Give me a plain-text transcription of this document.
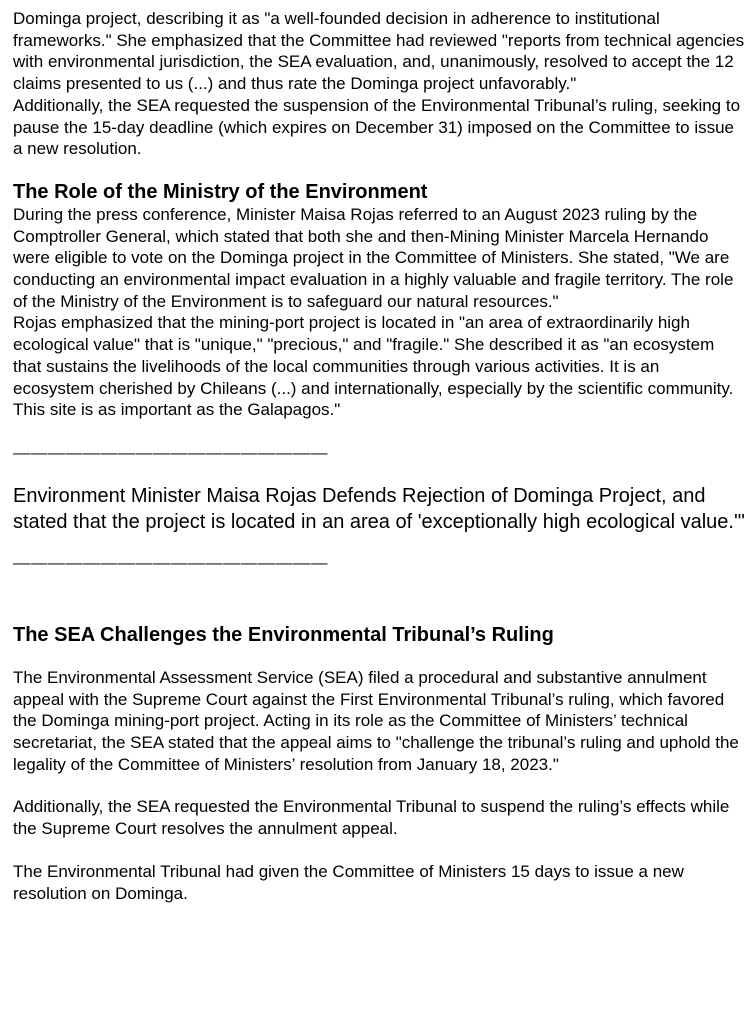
Dominga project, describing it as "a well-founded decision in adherence to institutional frameworks." She emphasized that the Committee had reviewed "reports from technical agencies with environmental jurisdiction, the SEA evaluation, and, unanimously, resolved to accept the 12 claims presented to us (...) and thus rate the Dominga project unfavorably."

Additionally, the SEA requested the suspension of the Environmental Tribunal’s ruling, seeking to pause the 15-day deadline (which expires on December 31) imposed on the Committee to issue a new resolution.

The Role of the Ministry of the Environment

During the press conference, Minister Maisa Rojas referred to an August 2023 ruling by the Comptroller General, which stated that both she and then-Mining Minister Marcela Hernando were eligible to vote on the Dominga project in the Committee of Ministers. She stated, "We are conducting an environmental impact evaluation in a highly valuable and fragile territory. The role of the Ministry of the Environment is to safeguard our natural resources."

Rojas emphasized that the mining-port project is located in "an area of extraordinarily high ecological value" that is "unique," "precious," and "fragile." She described it as "an ecosystem that sustains the livelihoods of the local communities through various activities. It is an ecosystem cherished by Chileans (...) and internationally, especially by the scientific community. This site is as important as the Galapagos."

——————————————————
Environment Minister Maisa Rojas Defends Rejection of Dominga Project, and stated that the project is located in an area of 'exceptionally high ecological value.'"
——————————————————
The SEA Challenges the Environmental Tribunal’s Ruling

The Environmental Assessment Service (SEA) filed a procedural and substantive annulment appeal with the Supreme Court against the First Environmental Tribunal’s ruling, which favored the Dominga mining-port project. Acting in its role as the Committee of Ministers’ technical secretariat, the SEA stated that the appeal aims to "challenge the tribunal’s ruling and uphold the legality of the Committee of Ministers’ resolution from January 18, 2023."

Additionally, the SEA requested the Environmental Tribunal to suspend the ruling’s effects while the Supreme Court resolves the annulment appeal.

The Environmental Tribunal had given the Committee of Ministers 15 days to issue a new resolution on Dominga.
